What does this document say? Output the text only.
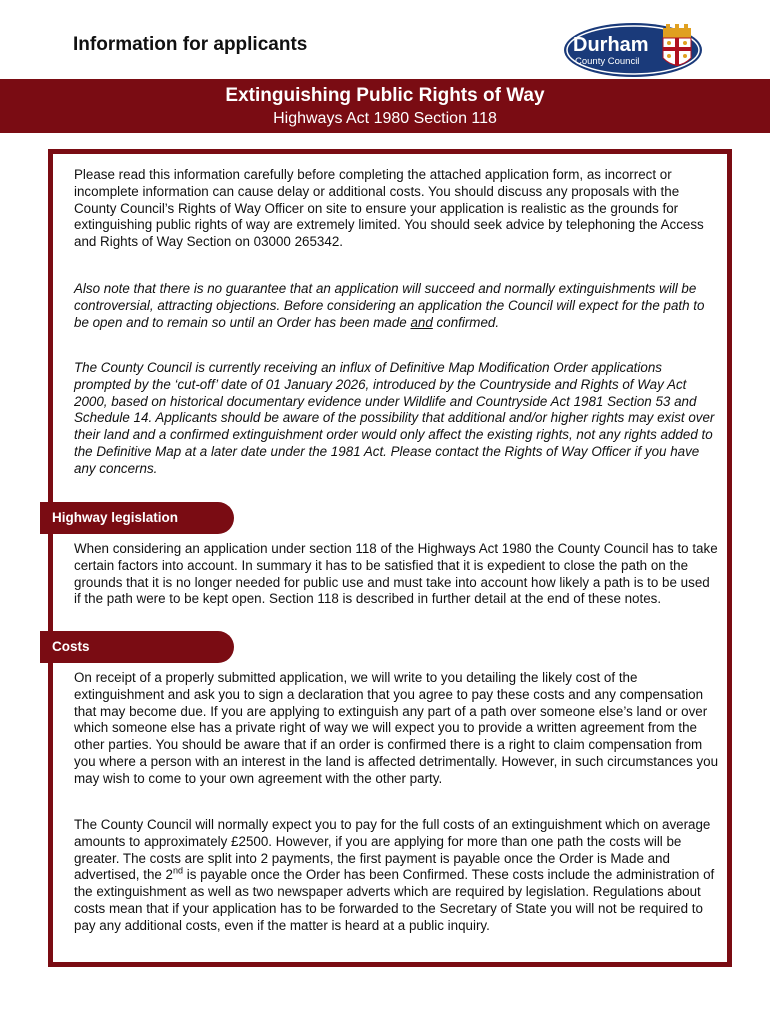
Information for applicants	Durham
County Council
Extinguishing Public Rights of Way
Highways Act 1980 Section 118

Please read this information carefully before completing the attached application form, as incorrect or incomplete information can cause delay or additional costs. You should discuss any proposals with the County Council’s Rights of Way Officer on site to ensure your application is realistic as the grounds for extinguishing public rights of way are extremely limited. You should seek advice by telephoning the Access and Rights of Way Section on 03000 265342.

Also note that there is no guarantee that an application will succeed and normally extinguishments will be controversial, attracting objections. Before considering an application the Council will expect for the path to be open and to remain so until an Order has been made and confirmed.

The County Council is currently receiving an influx of Definitive Map Modification Order applications prompted by the ‘cut-off’ date of 01 January 2026, introduced by the Countryside and Rights of Way Act 2000, based on historical documentary evidence under Wildlife and Countryside Act 1981 Section 53 and Schedule 14. Applicants should be aware of the possibility that additional and/or higher rights may exist over their land and a confirmed extinguishment order would only affect the existing rights, not any rights added to the Definitive Map at a later date under the 1981 Act. Please contact the Rights of Way Officer if you have any concerns.

Highway legislation

When considering an application under section 118 of the Highways Act 1980 the County Council has to take certain factors into account. In summary it has to be satisfied that it is expedient to close the path on the grounds that it is no longer needed for public use and must take into account how likely a path is to be used if the path were to be kept open. Section 118 is described in further detail at the end of these notes.

Costs

On receipt of a properly submitted application, we will write to you detailing the likely cost of the extinguishment and ask you to sign a declaration that you agree to pay these costs and any compensation that may become due. If you are applying to extinguish any part of a path over someone else’s land or over which someone else has a private right of way we will expect you to provide a written agreement from the other parties. You should be aware that if an order is confirmed there is a right to claim compensation from you where a person with an interest in the land is affected detrimentally. However, in such circumstances you may wish to come to your own agreement with the other party.

The County Council will normally expect you to pay for the full costs of an extinguishment which on average amounts to approximately £2500. However, if you are applying for more than one path the costs will be greater. The costs are split into 2 payments, the first payment is payable once the Order is Made and advertised, the 2nd is payable once the Order has been Confirmed. These costs include the administration of the extinguishment as well as two newspaper adverts which are required by legislation. Regulations about costs mean that if your application has to be forwarded to the Secretary of State you will not be required to pay any additional costs, even if the matter is heard at a public inquiry.
